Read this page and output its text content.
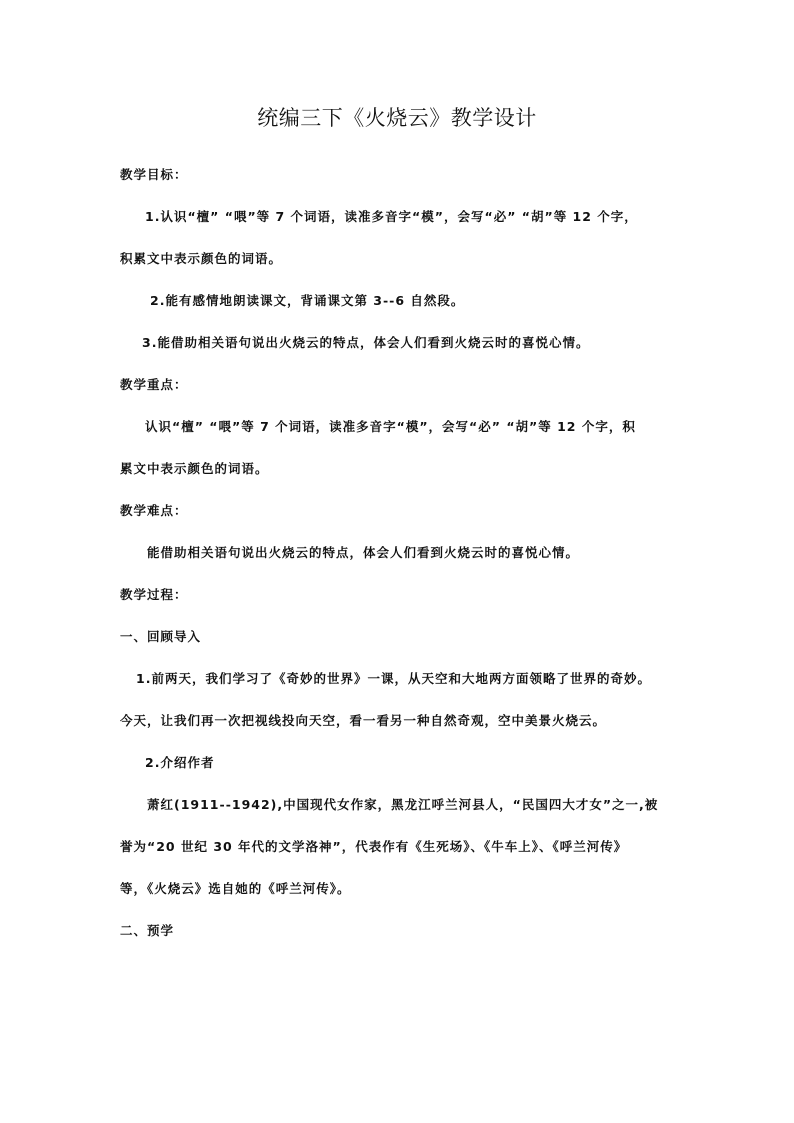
统编三下《火烧云》教学设计
教学目标：
1.认识“檀” “喂”等 7 个词语，读准多音字“模”，会写“必” “胡”等 12 个字，
积累文中表示颜色的词语。
2.能有感情地朗读课文，背诵课文第 3--6 自然段。
3.能借助相关语句说出火烧云的特点，体会人们看到火烧云时的喜悦心情。
教学重点：
认识“檀” “喂”等 7 个词语，读准多音字“模”，会写“必” “胡”等 12 个字，积
累文中表示颜色的词语。
教学难点：
能借助相关语句说出火烧云的特点，体会人们看到火烧云时的喜悦心情。
教学过程：
一、回顾导入
1.前两天，我们学习了《奇妙的世界》一课，从天空和大地两方面领略了世界的奇妙。
今天，让我们再一次把视线投向天空，看一看另一种自然奇观，空中美景火烧云。
2.介绍作者
萧红(1911--1942),中国现代女作家，黑龙江呼兰河县人，“民国四大才女”之一,被
誉为“20 世纪 30 年代的文学洛神”，代表作有《生死场》、《牛车上》、《呼兰河传》
等，《火烧云》选自她的《呼兰河传》。
二、预学
